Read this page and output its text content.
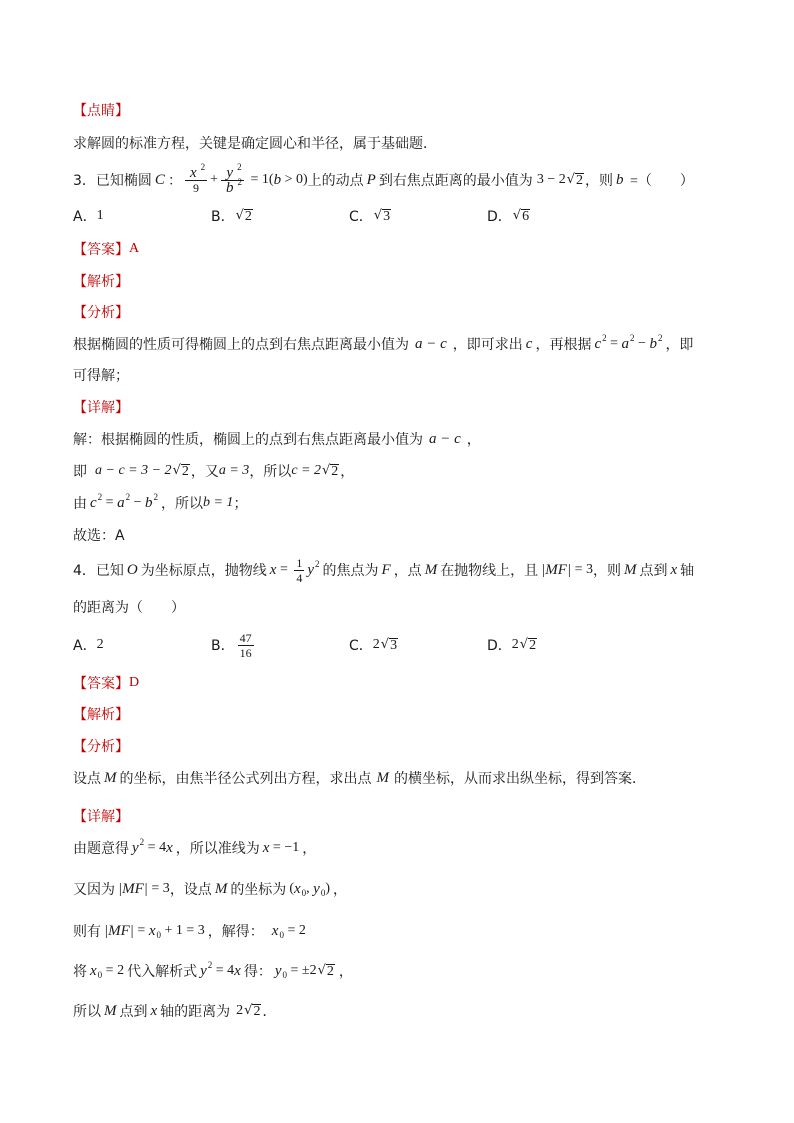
【点睛】
求解圆的标准方程，关键是确定圆心和半径，属于基础题．
3． 已知椭圆 C ： $\frac{x 2}{9} + \frac{y 2}{b 2} = 1$( b > 0) 上的动点 P 到右焦点距离的最小值为 3 − 2 √ 2 ，则 b =（　　）
A． 1	B． √ 2	C． √ 3	D． √ 6
【答案】 A
【解析】
【分析】
根据椭圆的性质可得椭圆上的点到右焦点距离最小值为 a − c ，即可求出 c ，再根据 c 2 = a 2 − b 2 ，即
可得解；
【详解】
解：根据椭圆的性质，椭圆上的点到右焦点距离最小值为 a − c ，
即 a − c = 3 − 2 √ 2 ，又 a = 3 ，所以 c = 2 √ 2 ，
由 c 2 = a 2 − b 2 ，所以 b = 1 ；
故选：A
4． 已知 O 为坐标原点，抛物线 $x = \frac{1}{4}$ y 2 的焦点为 F ，点 M 在抛物线上，且 |MF| = 3 ，则 M 点到 x 轴
的距离为（　　）
A． 2	B． $\frac{47}{16}$	C． 2 √ 3	D． 2 √ 2
【答案】 D
【解析】
【分析】
设点 M 的坐标，由焦半径公式列出方程，求出点 M 的横坐标，从而求出纵坐标，得到答案．
【详解】
由题意得 y 2 = 4 x ，所以准线为 x = −1 ，
又因为 |MF| = 3 ，设点 M 的坐标为 ( x 0 , y 0 ) ，
则有 |MF| = x 0 + 1 = 3 ，解得： x 0 = 2
将 x 0 = 2 代入解析式 y 2 = 4 x 得： y 0 = ±2 √ 2 ，
所以 M 点到 x 轴的距离为 2 √ 2 ．
